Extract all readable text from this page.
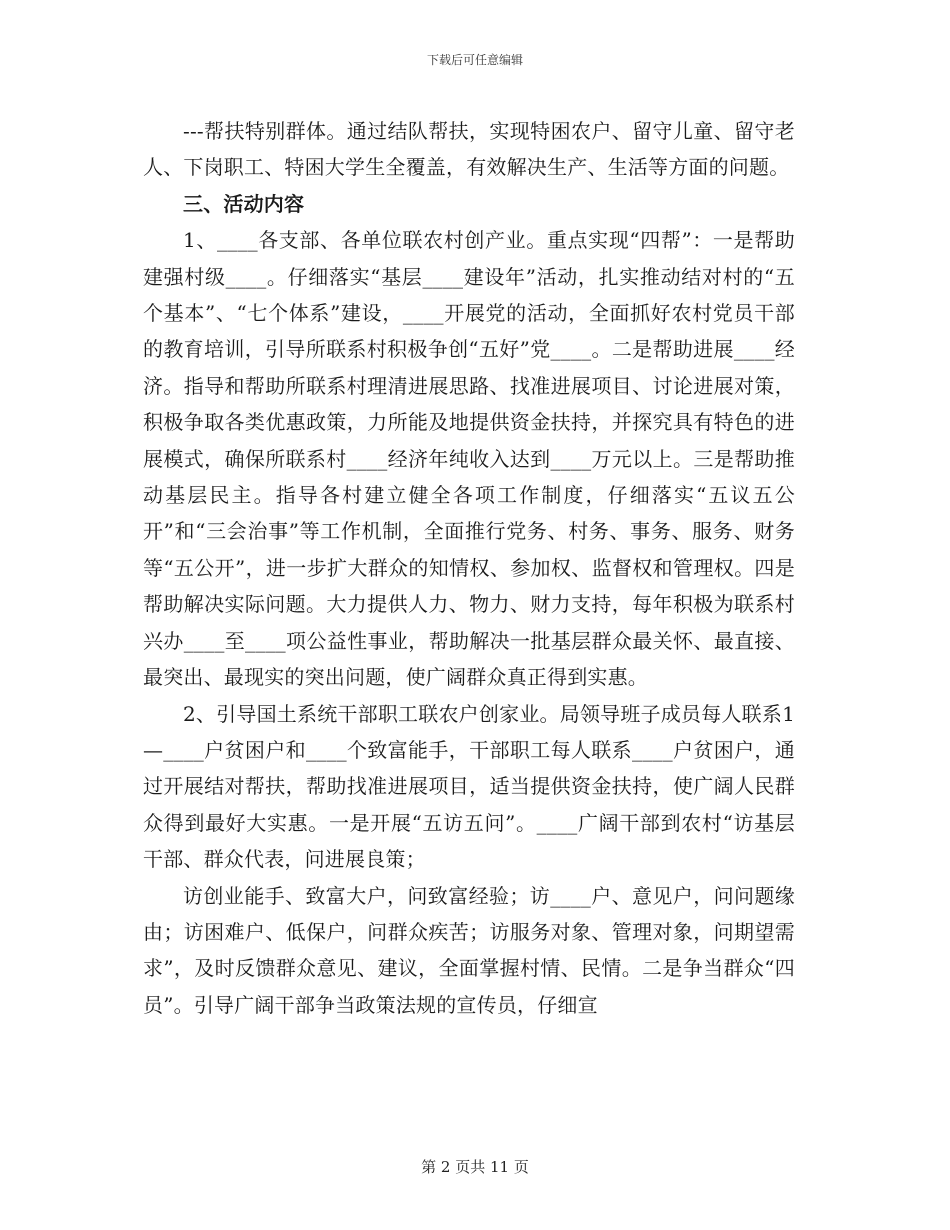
下载后可任意编辑

---帮扶特别群体。通过结队帮扶，实现特困农户、留守儿童、留守老人、下岗职工、特困大学生全覆盖，有效解决生产、生活等方面的问题。

三、活动内容

1、____各支部、各单位联农村创产业。重点实现“四帮”：一是帮助建强村级____。仔细落实“基层____建设年”活动，扎实推动结对村的“五个基本”、“七个体系”建设，____开展党的活动，全面抓好农村党员干部的教育培训，引导所联系村积极争创“五好”党____。二是帮助进展____经济。指导和帮助所联系村理清进展思路、找准进展项目、讨论进展对策，积极争取各类优惠政策，力所能及地提供资金扶持，并探究具有特色的进展模式，确保所联系村____经济年纯收入达到____万元以上。三是帮助推动基层民主。指导各村建立健全各项工作制度，仔细落实“五议五公开”和“三会治事”等工作机制，全面推行党务、村务、事务、服务、财务等“五公开”，进一步扩大群众的知情权、参加权、监督权和管理权。四是帮助解决实际问题。大力提供人力、物力、财力支持，每年积极为联系村兴办____至____项公益性事业，帮助解决一批基层群众最关怀、最直接、最突出、最现实的突出问题，使广阔群众真正得到实惠。

2、引导国土系统干部职工联农户创家业。局领导班子成员每人联系1—____户贫困户和____个致富能手，干部职工每人联系____户贫困户，通过开展结对帮扶，帮助找准进展项目，适当提供资金扶持，使广阔人民群众得到最好大实惠。一是开展“五访五问”。____广阔干部到农村“访基层干部、群众代表，问进展良策；

访创业能手、致富大户，问致富经验；访____户、意见户，问问题缘由；访困难户、低保户，问群众疾苦；访服务对象、管理对象，问期望需求”，及时反馈群众意见、建议，全面掌握村情、民情。二是争当群众“四员”。引导广阔干部争当政策法规的宣传员，仔细宣

第 2 页共 11 页
